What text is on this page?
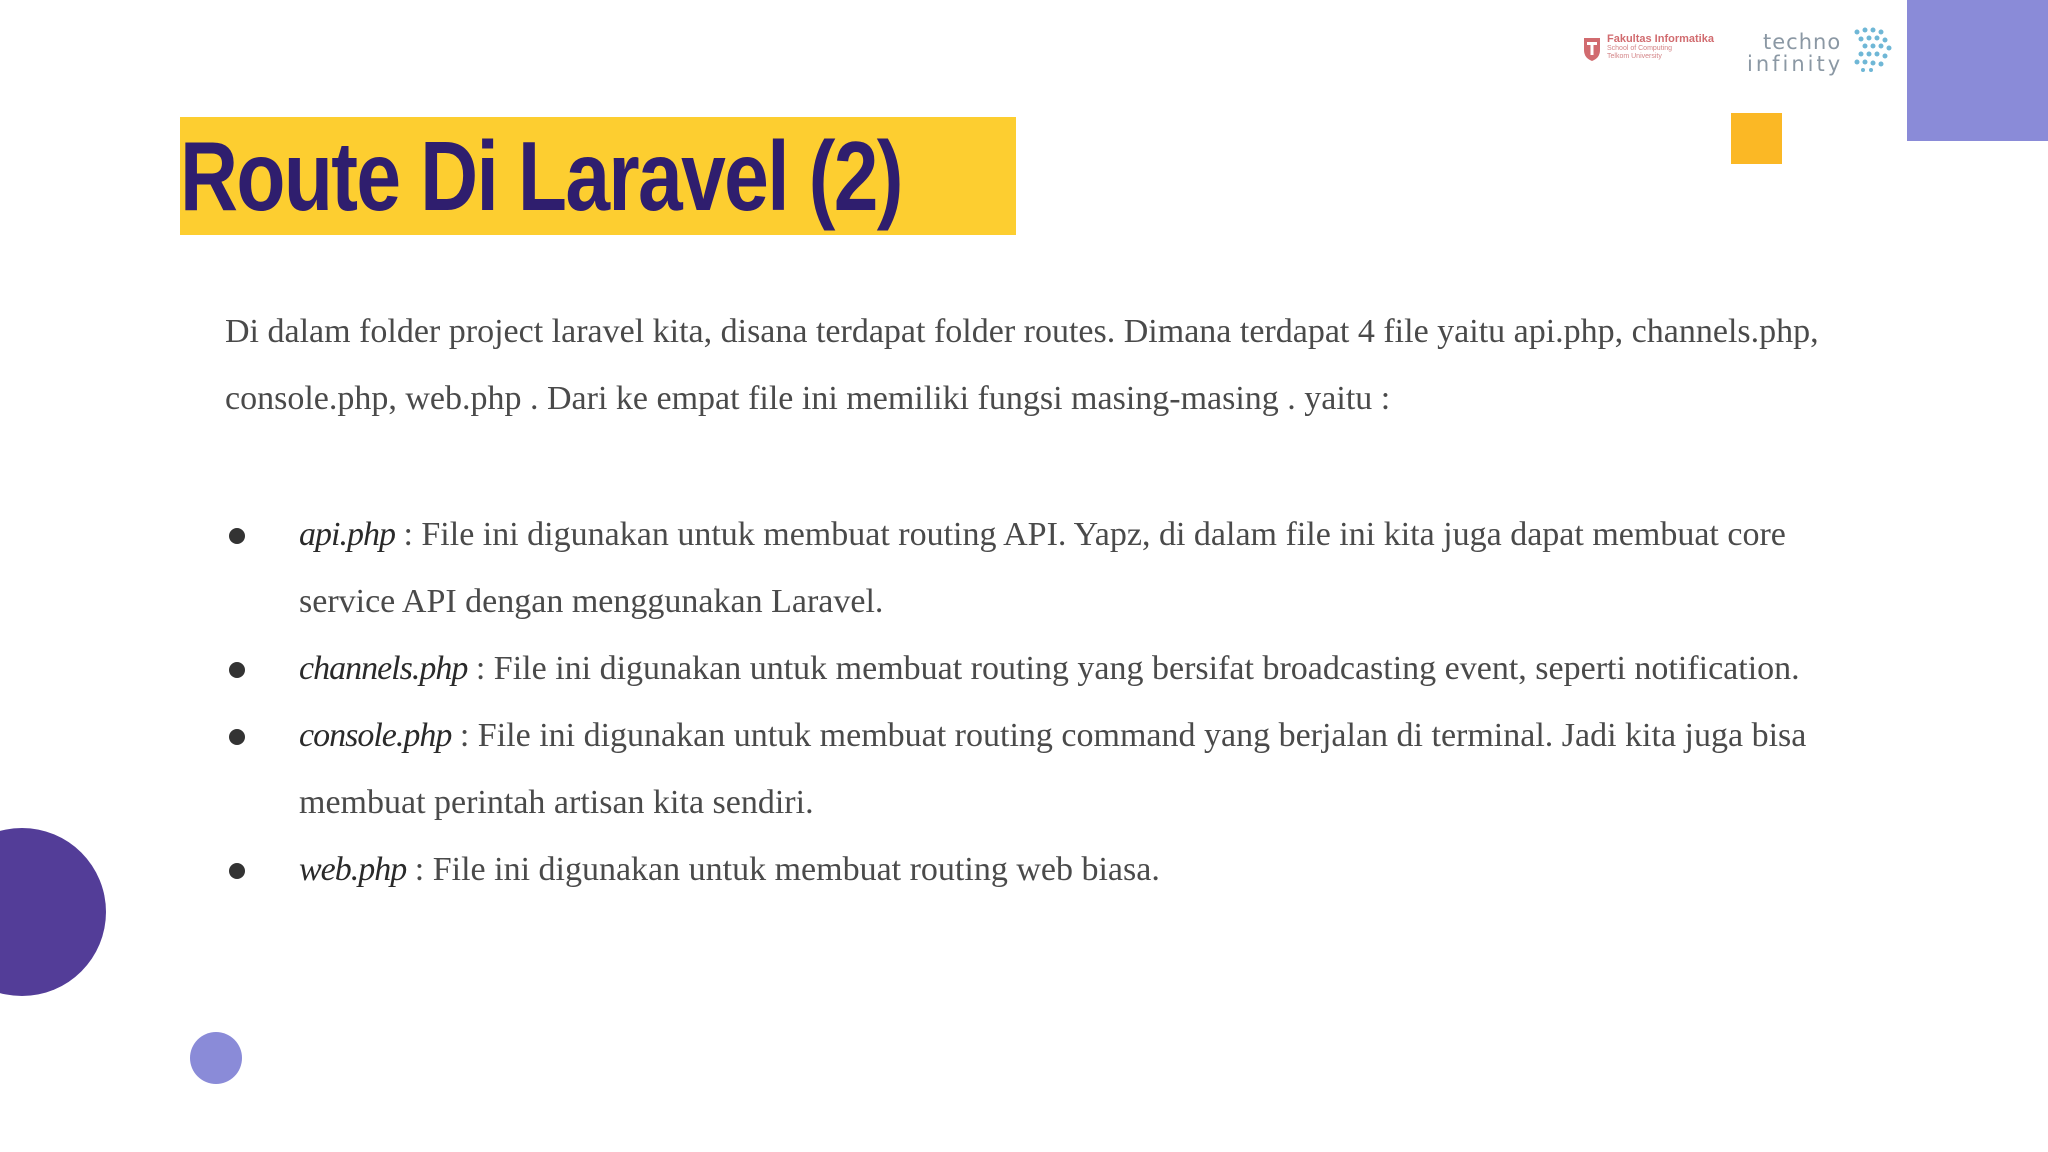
Fakultas Informatika
School of Computing
Telkom University
techno
infinity
Route Di Laravel (2)

Di dalam folder project laravel kita, disana terdapat folder routes. Dimana terdapat 4 file yaitu api.php, channels.php, console.php, web.php . Dari ke empat file ini memiliki fungsi masing-masing . yaitu :

api.php : File ini digunakan untuk membuat routing API. Yapz, di dalam file ini kita juga dapat membuat core service API dengan menggunakan Laravel.
channels.php : File ini digunakan untuk membuat routing yang bersifat broadcasting event, seperti notification.
console.php : File ini digunakan untuk membuat routing command yang berjalan di terminal. Jadi kita juga bisa membuat perintah artisan kita sendiri.
web.php : File ini digunakan untuk membuat routing web biasa.
